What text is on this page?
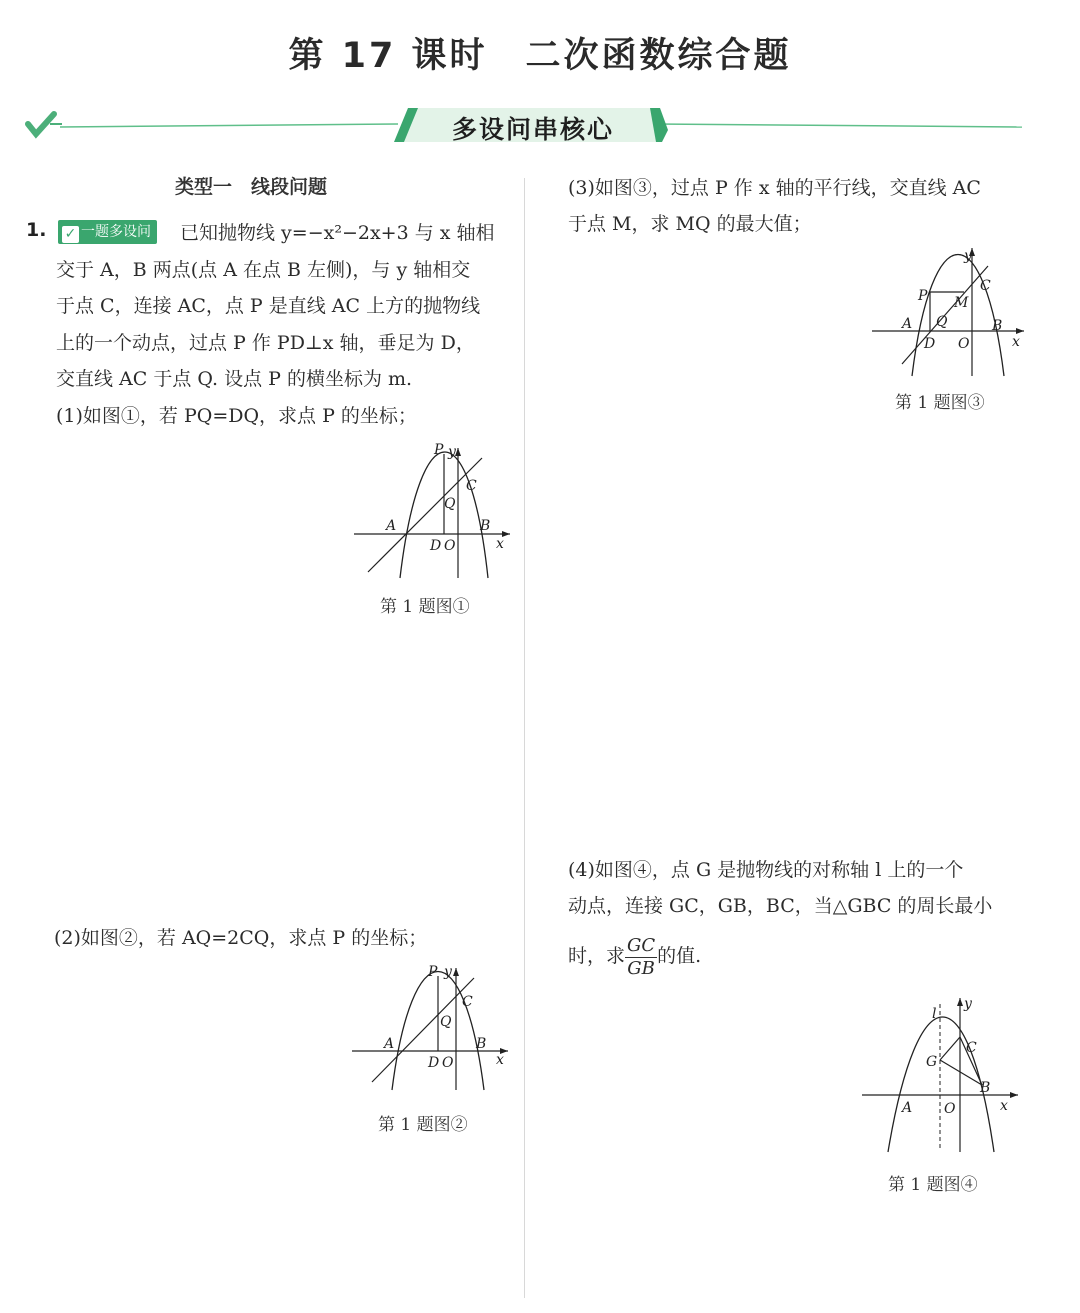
第 17 课时　二次函数综合题
多设问串核心
类型一　线段问题
1.	✓ 一题多设问	已知抛物线 y=−x²−2x+3 与 x 轴相
交于 A，B 两点(点 A 在点 B 左侧)，与 y 轴相交
于点 C，连接 AC，点 P 是直线 AC 上方的抛物线
上的一个动点，过点 P 作 PD⊥x 轴，垂足为 D，
交直线 AC 于点 Q. 设点 P 的横坐标为 m.
(1)如图①，若 PQ=DQ，求点 P 的坐标；
P y
C
Q
A	B
D O	x
第 1 题图①
(2)如图②，若 AQ=2CQ，求点 P 的坐标；
P y
C
Q
A	B
D O	x
第 1 题图②
(3)如图③，过点 P 作 x 轴的平行线，交直线 AC
于点 M，求 MQ 的最大值；
y
C
P M
A Q	B
D O	x
第 1 题图③
(4)如图④，点 G 是抛物线的对称轴 l 上的一个
动点，连接 GC，GB，BC，当△GBC 的周长最小
时，求 $\frac{GC}{GB}$ 的值.
l
y
C
G
B
A O	x
第 1 题图④
